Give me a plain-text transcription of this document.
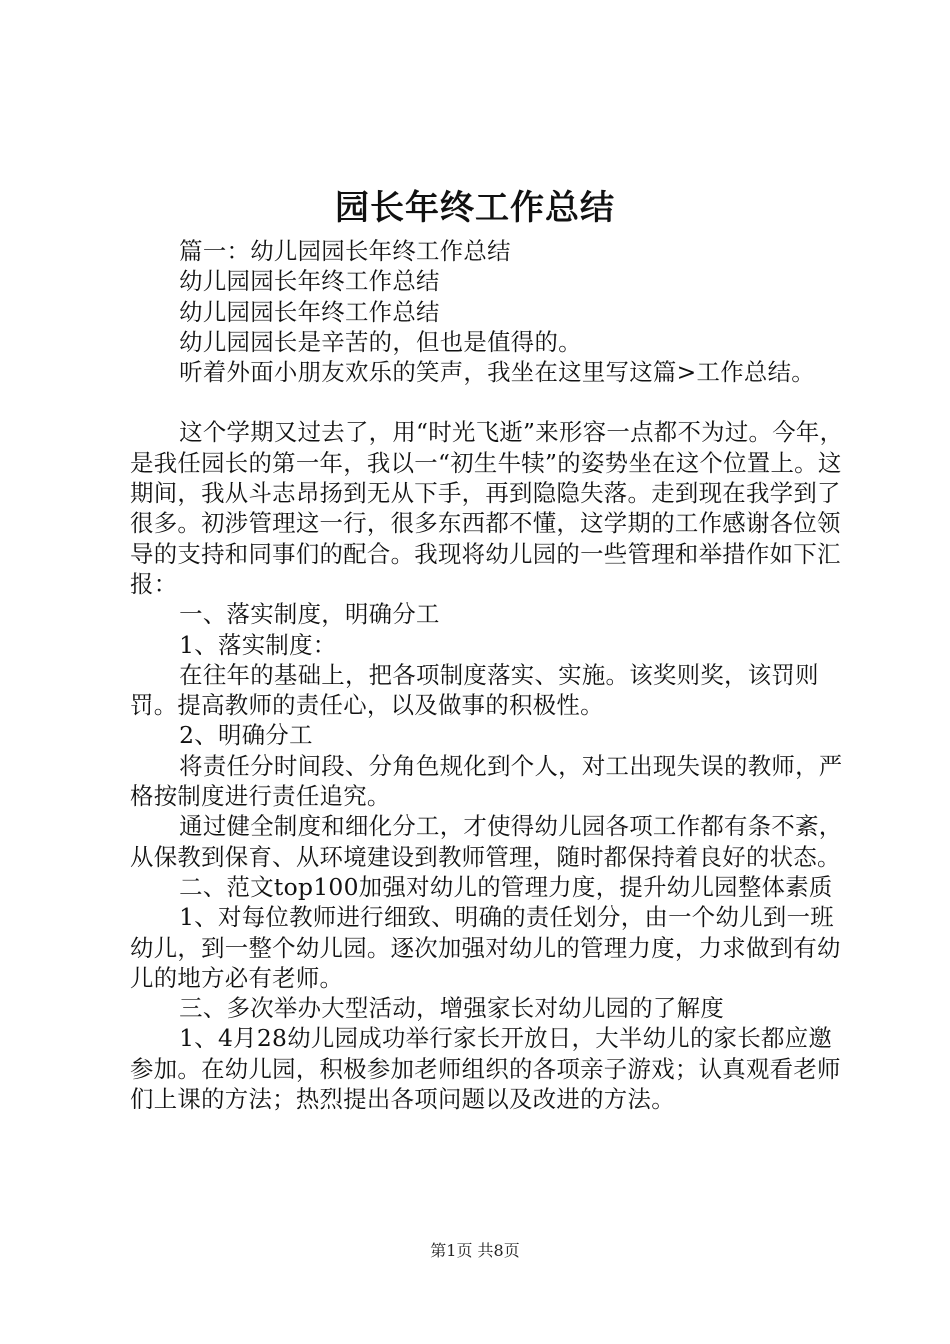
园长年终工作总结

篇一：幼儿园园长年终工作总结

幼儿园园长年终工作总结

幼儿园园长年终工作总结

幼儿园园长是辛苦的，但也是值得的。

听着外面小朋友欢乐的笑声，我坐在这里写这篇>工作总结。

这个学期又过去了，用“时光飞逝”来形容一点都不为过。今年，是我任园长的第一年，我以一“初生牛犊”的姿势坐在这个位置上。这期间，我从斗志昂扬到无从下手，再到隐隐失落。走到现在我学到了很多。初涉管理这一行，很多东西都不懂，这学期的工作感谢各位领导的支持和同事们的配合。我现将幼儿园的一些管理和举措作如下汇报：

一、落实制度，明确分工

1、落实制度：

在往年的基础上，把各项制度落实、实施。该奖则奖，该罚则罚。提高教师的责任心，以及做事的积极性。

2、明确分工

将责任分时间段、分角色规化到个人，对工出现失误的教师，严格按制度进行责任追究。

通过健全制度和细化分工，才使得幼儿园各项工作都有条不紊，从保教到保育、从环境建设到教师管理，随时都保持着良好的状态。

二、范文top100加强对幼儿的管理力度，提升幼儿园整体素质

1、对每位教师进行细致、明确的责任划分，由一个幼儿到一班幼儿，到一整个幼儿园。逐次加强对幼儿的管理力度，力求做到有幼儿的地方必有老师。

三、多次举办大型活动，增强家长对幼儿园的了解度

1、4月28幼儿园成功举行家长开放日，大半幼儿的家长都应邀参加。在幼儿园，积极参加老师组织的各项亲子游戏；认真观看老师们上课的方法；热烈提出各项问题以及改进的方法。

第1页 共8页
